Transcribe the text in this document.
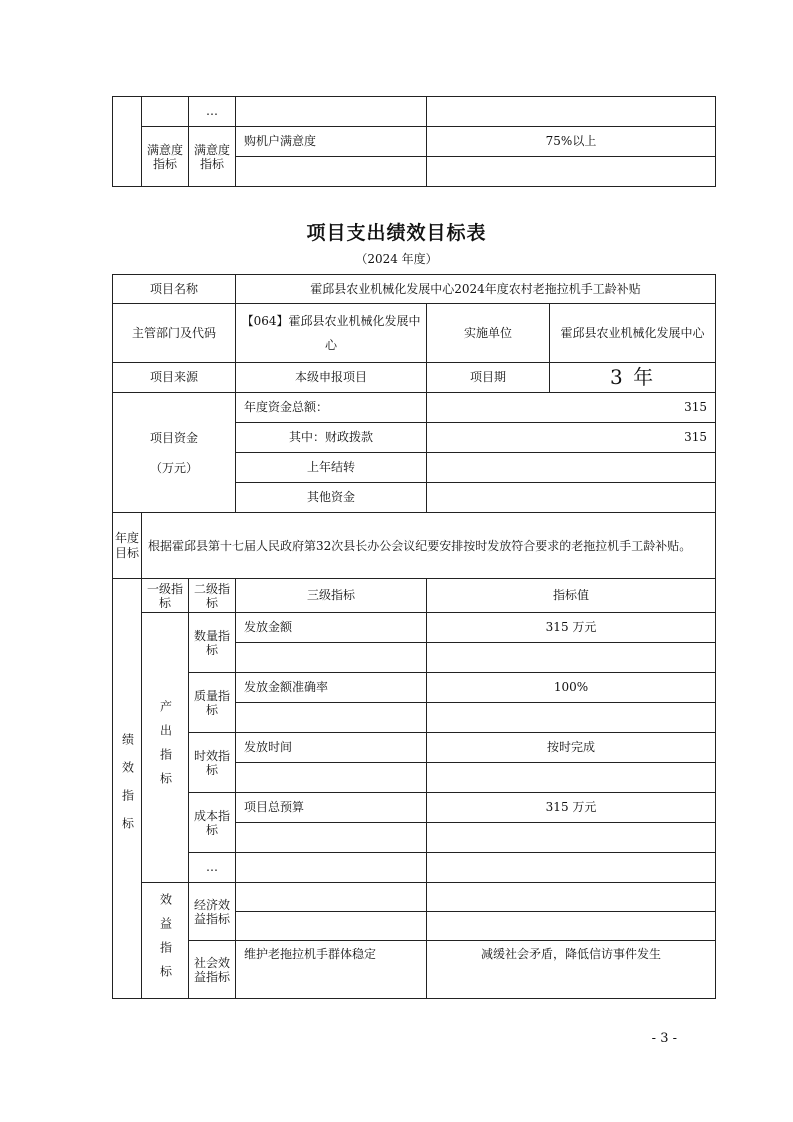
		…		
	满意度指标	满意度指标	购机户满意度	75%以上

项目支出绩效目标表
（2024 年度）
项目名称			霍邱县农业机械化发展中心2024年度农村老拖拉机手工龄补贴		
主管部门及代码			【064】霍邱县农业机械化发展中心	实施单位	霍邱县农业机械化发展中心
项目来源			本级申报项目	项目期	3 年

项目资金
（万元）			年度资金总额：	315	
			其中：财政拨款	315	
			上年结转		
			其他资金		
年度目标	根据霍邱县第十七届人民政府第32次县长办公会议纪要安排按时发放符合要求的老拖拉机手工龄补贴。				

绩效指标	一级指标	二级指标	三级指标	指标值	

	产出指标	数量指标	发放金额	315 万元	

		质量指标	发放金额准确率	100%	

		时效指标	发放时间	按时完成	

		成本指标	项目总预算	315 万元	

		…			

	效益指标	经济效益指标			

		社会效益指标	维护老拖拉机手群体稳定	减缓社会矛盾，降低信访事件发生	
- 3 -
